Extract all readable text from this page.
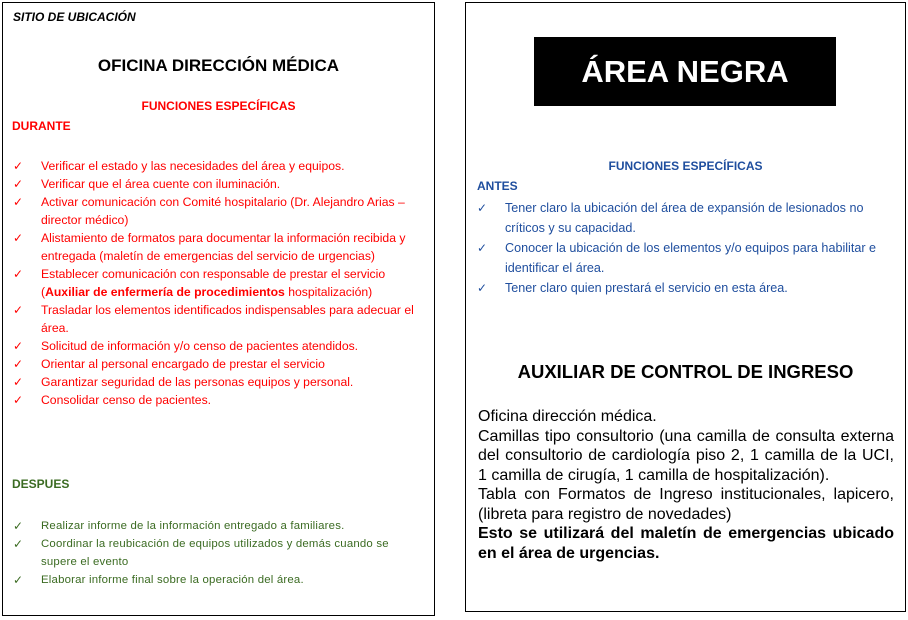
SITIO DE UBICACIÓN
OFICINA DIRECCIÓN MÉDICA
FUNCIONES ESPECÍFICAS
DURANTE
✓ Verificar el estado y las necesidades del área y equipos.
✓ Verificar que el área cuente con iluminación.
✓ Activar comunicación con Comité hospitalario (Dr. Alejandro Arias – director médico)
✓ Alistamiento de formatos para documentar la información recibida y entregada (maletín de emergencias del servicio de urgencias)
✓ Establecer comunicación con responsable de prestar el servicio (Auxiliar de enfermería de procedimientos hospitalización)
✓ Trasladar los elementos identificados indispensables para adecuar el área.
✓ Solicitud de información y/o censo de pacientes atendidos.
✓ Orientar al personal encargado de prestar el servicio
✓ Garantizar seguridad de las personas equipos y personal.
✓ Consolidar censo de pacientes.
DESPUES
✓ Realizar informe de la información entregado a familiares.
✓ Coordinar la reubicación de equipos utilizados y demás cuando se supere el evento
✓ Elaborar informe final sobre la operación del área.
ÁREA NEGRA
FUNCIONES ESPECÍFICAS
ANTES
✓ Tener claro la ubicación del área de expansión de lesionados no críticos y su capacidad.
✓ Conocer la ubicación de los elementos y/o equipos para habilitar e identificar el área.
✓ Tener claro quien prestará el servicio en esta área.
AUXILIAR DE CONTROL DE INGRESO

Oficina dirección médica.

Camillas tipo consultorio (una camilla de consulta externa del consultorio de cardiología piso 2, 1 camilla de la UCI, 1 camilla de cirugía, 1 camilla de hospitalización).

Tabla con Formatos de Ingreso institucionales, lapicero, (libreta para registro de novedades)

Esto se utilizará del maletín de emergencias ubicado en el área de urgencias.
